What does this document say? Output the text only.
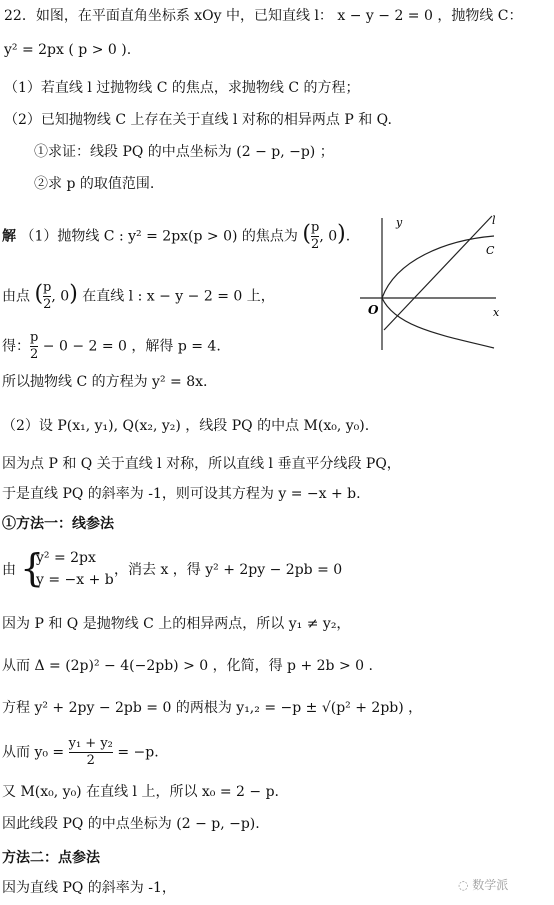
22．如图，在平面直角坐标系 xOy 中，已知直线 l： x − y − 2 = 0 ，抛物线 C：
y² = 2px ( p > 0 ).
（1）若直线 l 过抛物线 C 的焦点，求抛物线 C 的方程；
（2）已知抛物线 C 上存在关于直线 l 对称的相异两点 P 和 Q.
①求证：线段 PQ 的中点坐标为 (2 − p, −p) ；
②求 p 的取值范围.
解 （1）抛物线 C : y² = 2px(p > 0) 的焦点为 ( $\frac{p}{2}$ , 0).
由点 ( $\frac{p}{2}$ , 0) 在直线 l : x − y − 2 = 0 上，
得： $\frac{p}{2} - 0 - 2 = 0$ ，解得 p = 4.
所以抛物线 C 的方程为 y² = 8x.
（2）设 P(x₁, y₁), Q(x₂, y₂) ，线段 PQ 的中点 M(x₀, y₀).
因为点 P 和 Q 关于直线 l 对称，所以直线 l 垂直平分线段 PQ，
于是直线 PQ 的斜率为 -1，则可设其方程为 y = −x + b.
①方法一：线参法
由 {
y² = 2px
y = −x + b
，消去 x ，得 y² + 2py − 2pb = 0
因为 P 和 Q 是抛物线 C 上的相异两点，所以 y₁ ≠ y₂，
从而 Δ = (2p)² − 4(−2pb) > 0 ，化简，得 p + 2b > 0 .
方程 y² + 2py − 2pb = 0 的两根为 y₁,₂ = −p ± √(p² + 2pb) ，
从而 $y_0 = \frac{\text{y₁ + y₂}}{2} = -p$.
又 M(x₀, y₀) 在直线 l 上，所以 x₀ = 2 − p.
因此线段 PQ 的中点坐标为 (2 − p, −p).
方法二：点参法
因为直线 PQ 的斜率为 -1，
y
x
O
l
C
◌ 数学派
